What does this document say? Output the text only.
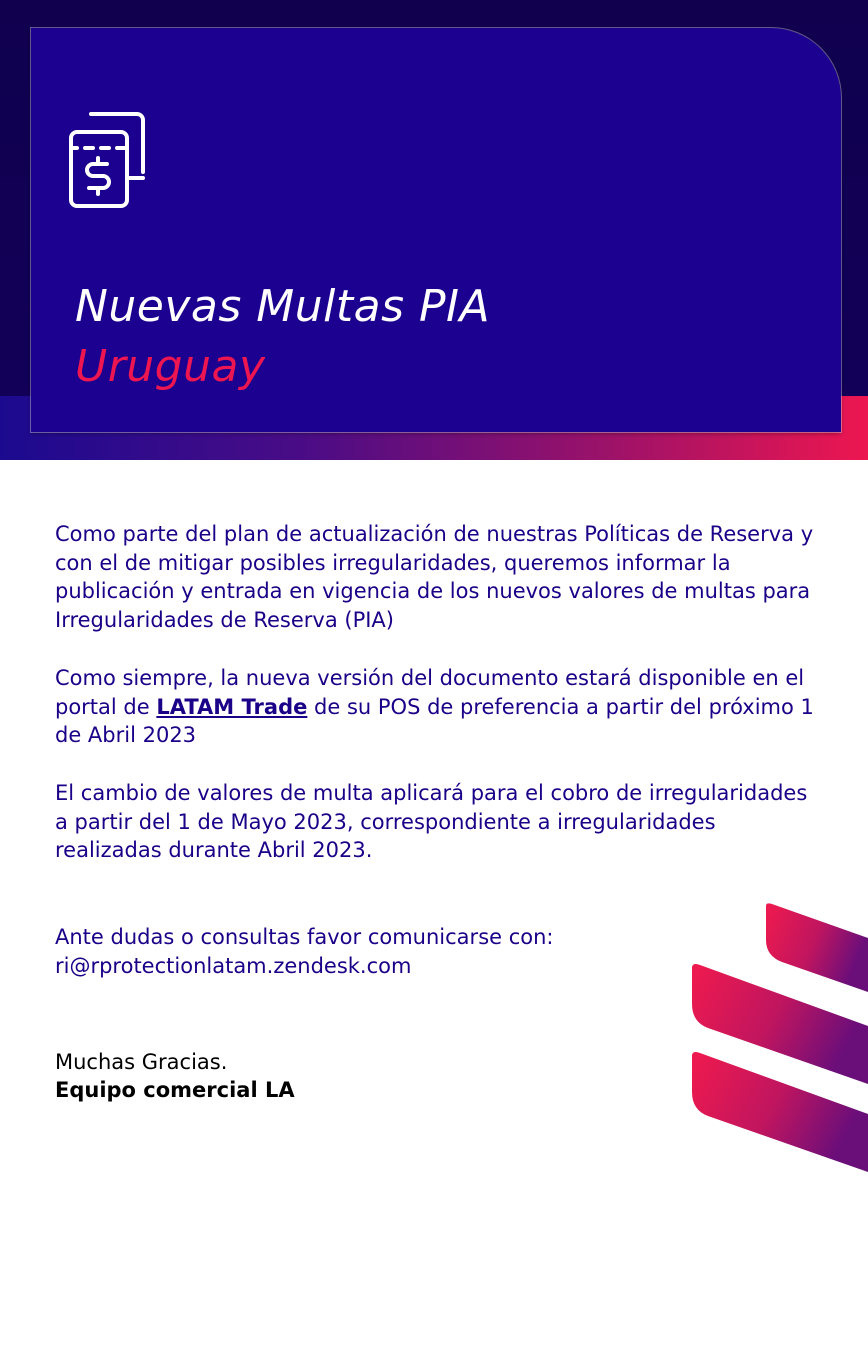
Nuevas Multas PIA
Uruguay

Como parte del plan de actualización de nuestras Políticas de Reserva y con el de mitigar posibles irregularidades, queremos informar la publicación y entrada en vigencia de los nuevos valores de multas para Irregularidades de Reserva (PIA)

Como siempre, la nueva versión del documento estará disponible en el portal de LATAM Trade de su POS de preferencia a partir del próximo 1 de Abril 2023

El cambio de valores de multa aplicará para el cobro de irregularidades a partir del 1 de Mayo 2023, correspondiente a irregularidades realizadas durante Abril 2023.

Ante dudas o consultas favor comunicarse con:

ri@rprotectionlatam.zendesk.com

Muchas Gracias.

Equipo comercial LA
